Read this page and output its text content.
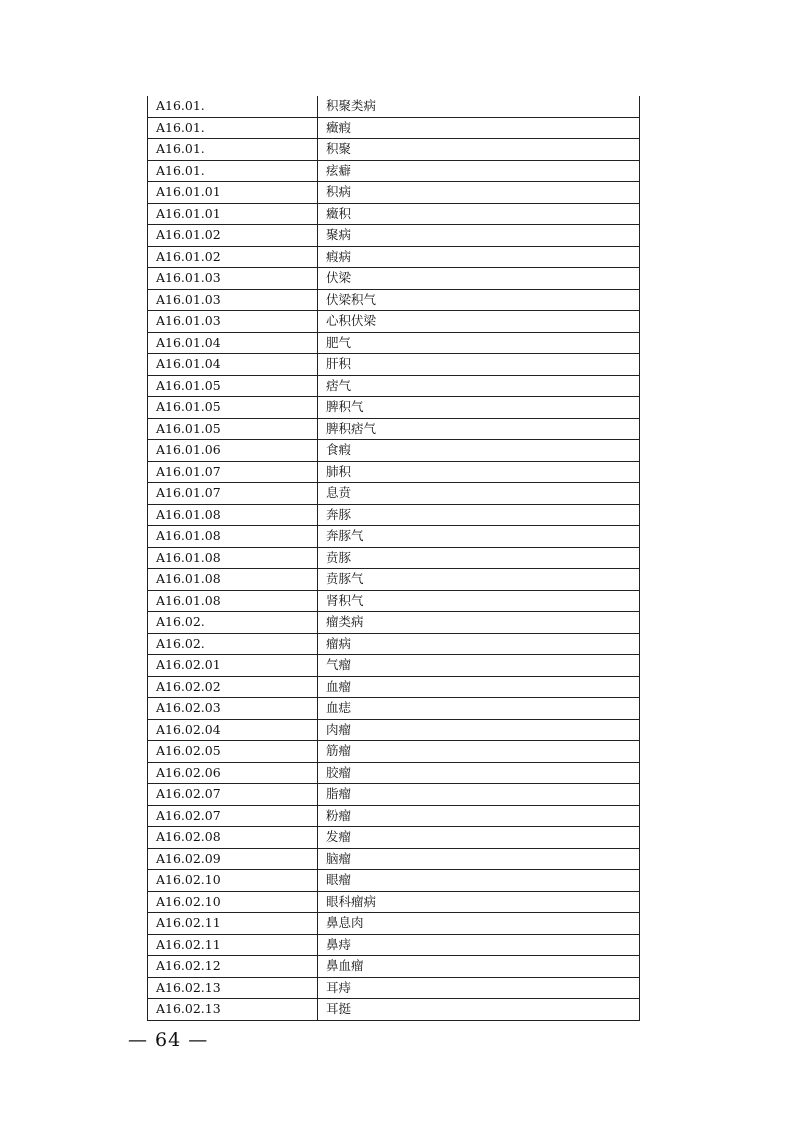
A16.01.	积聚类病
A16.01.	癥瘕
A16.01.	积聚
A16.01.	痃癖
A16.01.01	积病
A16.01.01	癥积
A16.01.02	聚病
A16.01.02	瘕病
A16.01.03	伏梁
A16.01.03	伏梁积气
A16.01.03	心积伏梁
A16.01.04	肥气
A16.01.04	肝积
A16.01.05	痞气
A16.01.05	脾积气
A16.01.05	脾积痞气
A16.01.06	食瘕
A16.01.07	肺积
A16.01.07	息贲
A16.01.08	奔豚
A16.01.08	奔豚气
A16.01.08	贲豚
A16.01.08	贲豚气
A16.01.08	肾积气
A16.02.	瘤类病
A16.02.	瘤病
A16.02.01	气瘤
A16.02.02	血瘤
A16.02.03	血痣
A16.02.04	肉瘤
A16.02.05	筋瘤
A16.02.06	胶瘤
A16.02.07	脂瘤
A16.02.07	粉瘤
A16.02.08	发瘤
A16.02.09	脑瘤
A16.02.10	眼瘤
A16.02.10	眼科瘤病
A16.02.11	鼻息肉
A16.02.11	鼻痔
A16.02.12	鼻血瘤
A16.02.13	耳痔
A16.02.13	耳挺
— 64 —
